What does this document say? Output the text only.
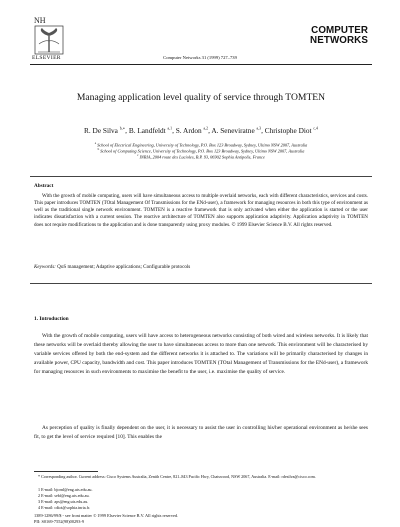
NH
ELSEVIER	Computer Networks 31 (1999) 727–739
COMPUTER
NETWORKS
Managing application level quality of service through TOMTEN
R. De Silva $^{b,∗}$, B. Landfeldt $^{a,1}$, S. Ardon $^{a,2}$, A. Seneviratne $^{a,3}$, Christophe Diot $^{c,4}$
$^a$ School of Electrical Engineering, University of Technology, P.O. Box 123 Broadway, Sydney, Ultimo NSW 2007, Australia
$^b$ School of Computing Science, University of Technology, P.O. Box 123 Broadway, Sydney, Ultimo NSW 2007, Australia
$^c$ INRIA, 2004 route des Lucioles, B.P. 93, 06902 Sophia Antipolis, France
Abstract
With the growth of mobile computing, users will have simultaneous access to multiple overlaid networks, each with different characteristics, services and costs. This paper introduces TOMTEN (TOtal Management Of Transmissions for the ENd-user), a framework for managing resources in both this type of environment as well as the traditional single network environment. TOMTEN is a reactive framework that is only activated when either the application is started or the user indicates dissatisfaction with a current session. The reactive architecture of TOMTEN also supports application adaptivity. Application adaptivity in TOMTEN does not require modifications to the application and is done transparently using proxy modules. © 1999 Elsevier Science B.V. All rights reserved.
Keywords: QoS management; Adaptive applications; Configurable protocols
1. Introduction
With the growth of mobile computing, users will have access to heterogeneous networks consisting of both wired and wireless networks. It is likely that these networks will be overlaid thereby allowing the user to have simultaneous access to more than one network. This environment will be characterised by variable services offered by both the end-system and the different networks it is attached to. The variations will be primarily characterised by changes in available power, CPU capacity, bandwidth and cost. This paper introduces TOMTEN (TOtal Management of Transmissions for the ENd-user), a framework for managing resources in such environments to maximise the benefit to the user, i.e. maximise the quality of service.
As perception of quality is finally dependent on the user, it is necessary to assist the user in controlling his/her operational environment as he/she sees fit, to get the level of service required [10]. This enables the
* Corresponding author. Current address: Cisco Systems Australia, Zenith Centre, 821–843 Pacific Hwy, Chatswood, NSW 2067, Australia. E-mail: rdesilva@cisco.com.
1 E-mail: bjornl@eng.uts.edu.au.
2 E-mail: sebf@eng.uts.edu.au.
3 E-mail: aps@eng.uts.edu.au.
4 E-mail: cdiot@sophia.inria.fr.
1389-1286/99/$ - see front matter © 1999 Elsevier Science B.V. All rights reserved.
PII: S0169-7552(98)00293-9
